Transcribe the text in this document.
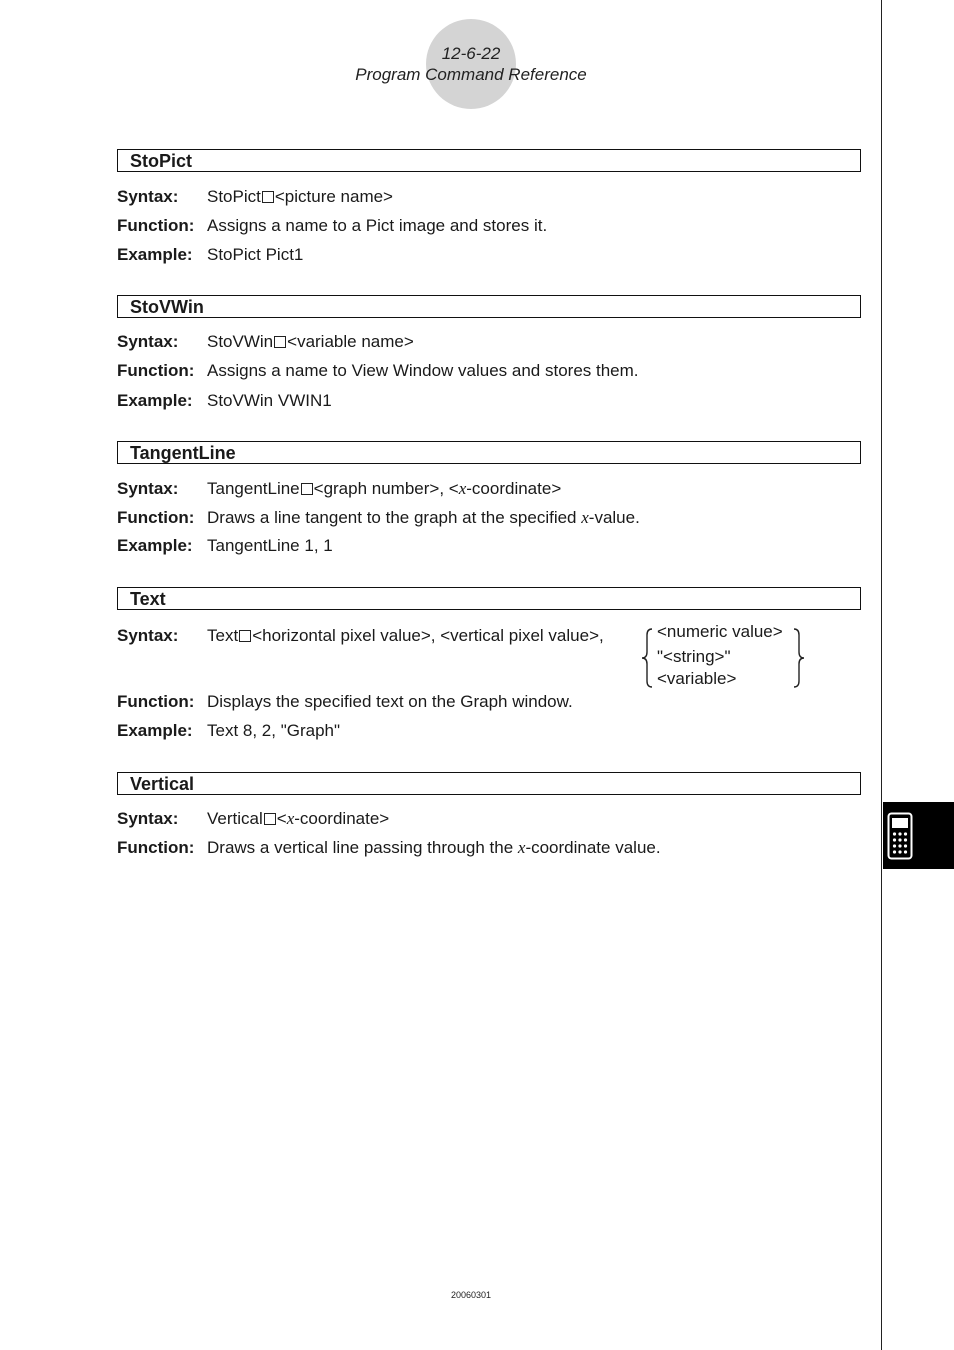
12-6-22
Program Command Reference
StoPict
Syntax: StoPict <picture name>
Function: Assigns a name to a Pict image and stores it.
Example: StoPict Pict1
StoVWin
Syntax: StoVWin <variable name>
Function: Assigns a name to View Window values and stores them.
Example: StoVWin VWIN1
TangentLine
Syntax: TangentLine <graph number>, <x-coordinate>
Function: Draws a line tangent to the graph at the specified x-value.
Example: TangentLine 1, 1
Text
Syntax: Text <horizontal pixel value>, <vertical pixel value>,	<numeric value>
"<string>"
<variable>
Function: Displays the specified text on the Graph window.
Example: Text 8, 2, "Graph"
Vertical
Syntax: Vertical <x-coordinate>
Function: Draws a vertical line passing through the x-coordinate value.
20060301
